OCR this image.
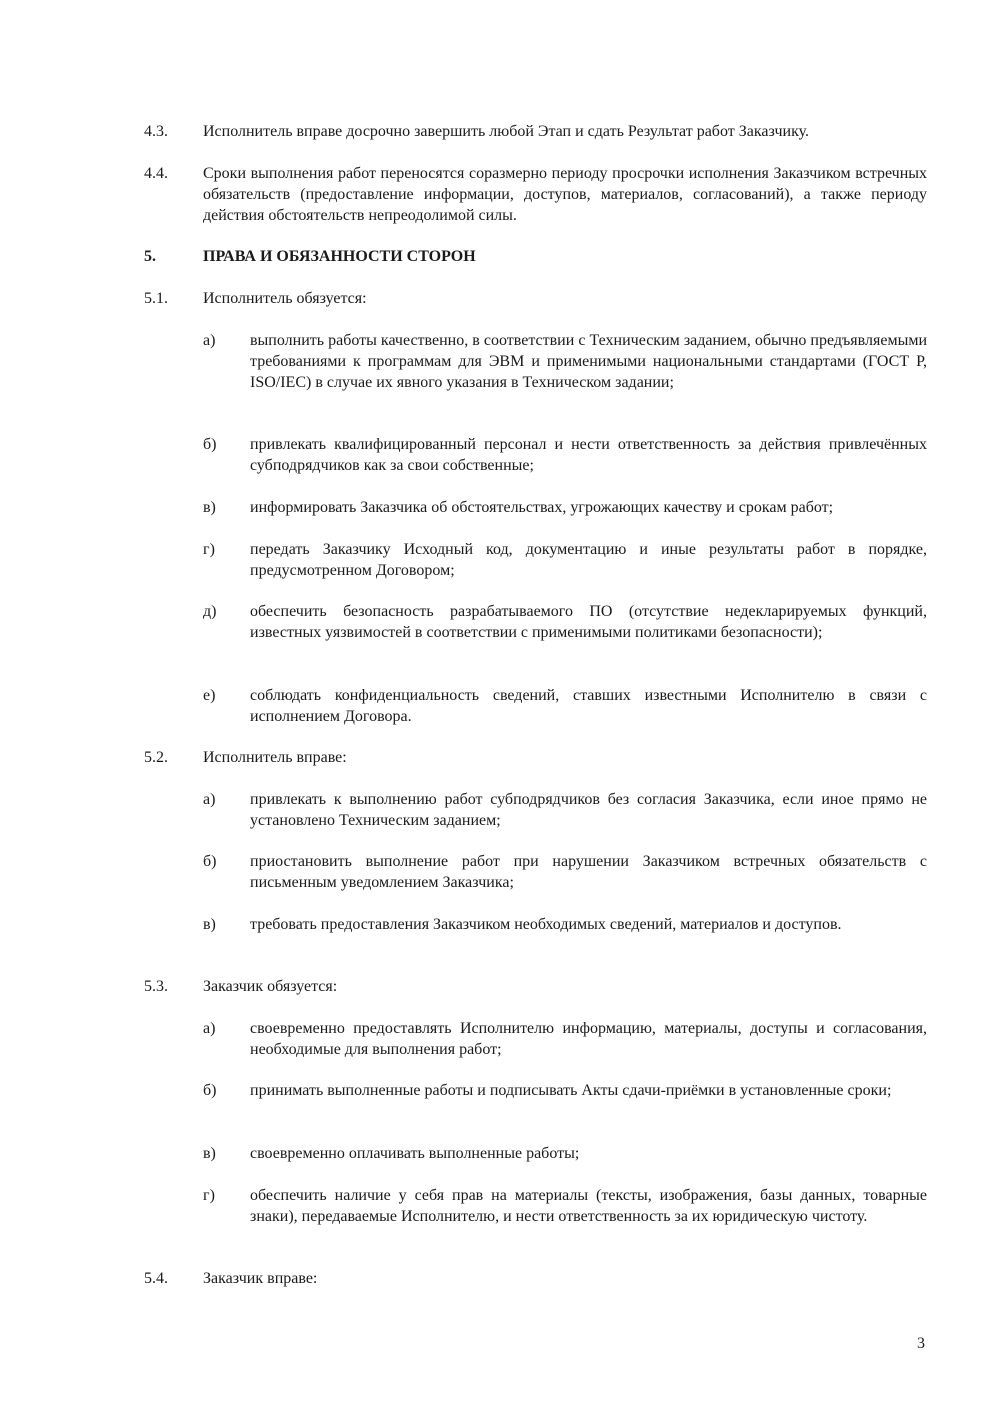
4.3. Исполнитель вправе досрочно завершить любой Этап и сдать Результат работ Заказчику.
4.4. Сроки выполнения работ переносятся соразмерно периоду просрочки исполнения Заказчиком встречных обязательств (предоставление информации, доступов, материалов, согласований), а также периоду действия обстоятельств непреодолимой силы.
5.	ПРАВА И ОБЯЗАННОСТИ СТОРОН
5.1. Исполнитель обязуется:
а) выполнить работы качественно, в соответствии с Техническим заданием, обычно предъявляемыми требованиями к программам для ЭВМ и применимыми национальными стандартами (ГОСТ Р, ISO/IEC) в случае их явного указания в Техническом задании;
б) привлекать квалифицированный персонал и нести ответственность за действия привлечённых субподрядчиков как за свои собственные;
в) информировать Заказчика об обстоятельствах, угрожающих качеству и срокам работ;
г) передать Заказчику Исходный код, документацию и иные результаты работ в порядке, предусмотренном Договором;
д) обеспечить безопасность разрабатываемого ПО (отсутствие недекларируемых функций, известных уязвимостей в соответствии с применимыми политиками безопасности);
е) соблюдать конфиденциальность сведений, ставших известными Исполнителю в связи с исполнением Договора.
5.2. Исполнитель вправе:
а) привлекать к выполнению работ субподрядчиков без согласия Заказчика, если иное прямо не установлено Техническим заданием;
б) приостановить выполнение работ при нарушении Заказчиком встречных обязательств с письменным уведомлением Заказчика;
в) требовать предоставления Заказчиком необходимых сведений, материалов и доступов.
5.3. Заказчик обязуется:
а) своевременно предоставлять Исполнителю информацию, материалы, доступы и согласования, необходимые для выполнения работ;
б) принимать выполненные работы и подписывать Акты сдачи-приёмки в установленные сроки;
в) своевременно оплачивать выполненные работы;
г) обеспечить наличие у себя прав на материалы (тексты, изображения, базы данных, товарные знаки), передаваемые Исполнителю, и нести ответственность за их юридическую чистоту.
5.4. Заказчик вправе:
3
